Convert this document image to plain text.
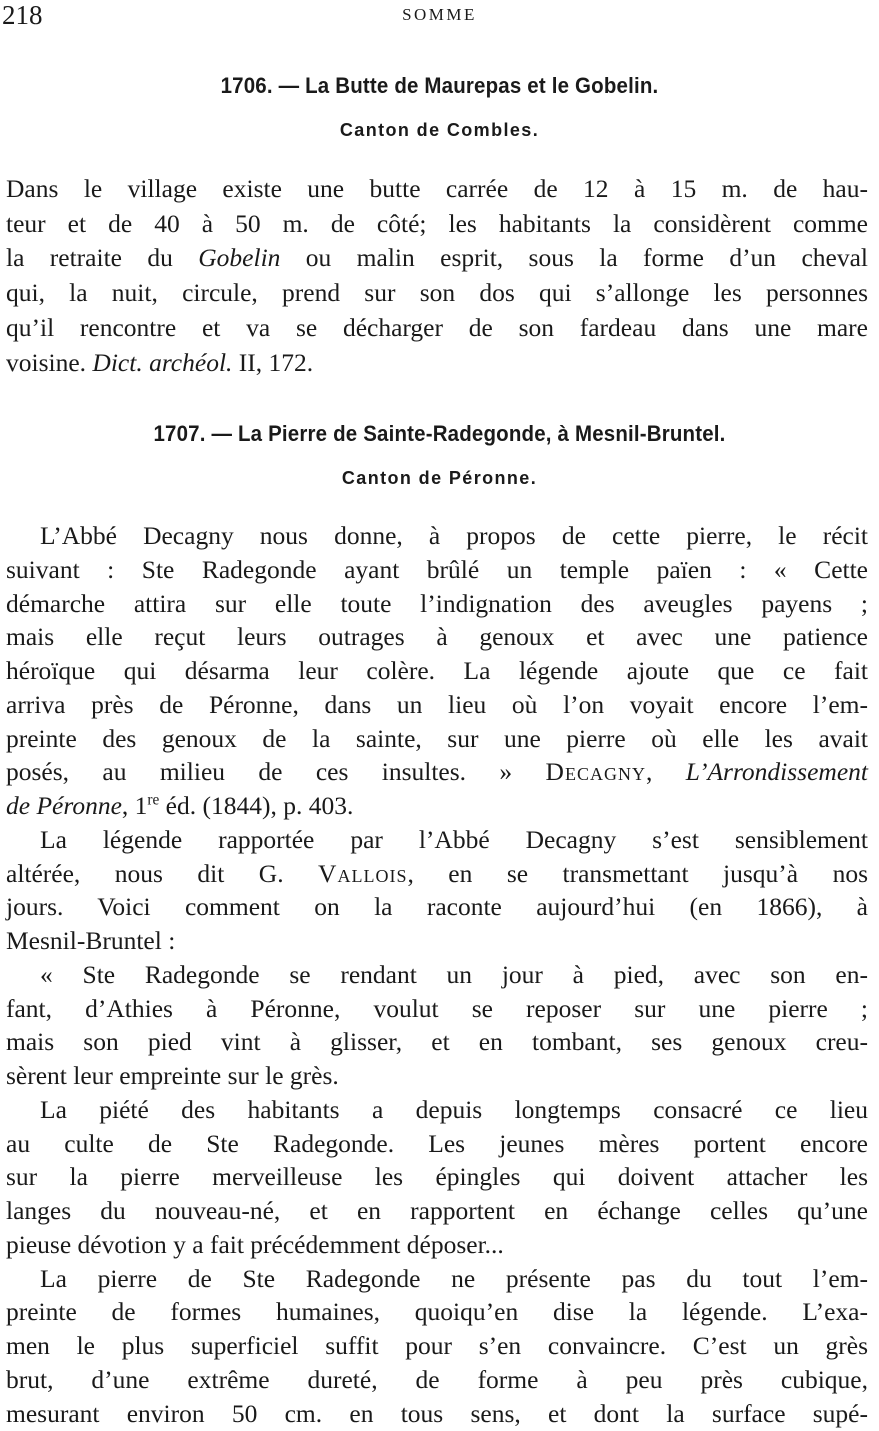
218	SOMME
1706. — La Butte de Maurepas et le Gobelin.
Canton de Combles.
Dans le village existe une butte carrée de 12 à 15 m. de hau-
teur et de 40 à 50 m. de côté; les habitants la considèrent comme
la retraite du Gobelin ou malin esprit, sous la forme d’un cheval
qui, la nuit, circule, prend sur son dos qui s’allonge les personnes
qu’il rencontre et va se décharger de son fardeau dans une mare
voisine. Dict. archéol. II, 172.
1707. — La Pierre de Sainte-Radegonde, à Mesnil-Bruntel.
Canton de Péronne.
L’Abbé Decagny nous donne, à propos de cette pierre, le récit
suivant : Ste Radegonde ayant brûlé un temple païen : « Cette
démarche attira sur elle toute l’indignation des aveugles payens ;
mais elle reçut leurs outrages à genoux et avec une patience
héroïque qui désarma leur colère. La légende ajoute que ce fait
arriva près de Péronne, dans un lieu où l’on voyait encore l’em-
preinte des genoux de la sainte, sur une pierre où elle les avait
posés, au milieu de ces insultes. » Decagny, L’Arrondissement
de Péronne, 1re éd. (1844), p. 403.
La légende rapportée par l’Abbé Decagny s’est sensiblement
altérée, nous dit G. Vallois, en se transmettant jusqu’à nos
jours. Voici comment on la raconte aujourd’hui (en 1866), à
Mesnil-Bruntel :
« Ste Radegonde se rendant un jour à pied, avec son en-
fant, d’Athies à Péronne, voulut se reposer sur une pierre ;
mais son pied vint à glisser, et en tombant, ses genoux creu-
sèrent leur empreinte sur le grès.
La piété des habitants a depuis longtemps consacré ce lieu
au culte de Ste Radegonde. Les jeunes mères portent encore
sur la pierre merveilleuse les épingles qui doivent attacher les
langes du nouveau-né, et en rapportent en échange celles qu’une
pieuse dévotion y a fait précédemment déposer...
La pierre de Ste Radegonde ne présente pas du tout l’em-
preinte de formes humaines, quoiqu’en dise la légende. L’exa-
men le plus superficiel suffit pour s’en convaincre. C’est un grès
brut, d’une extrême dureté, de forme à peu près cubique,
mesurant environ 50 cm. en tous sens, et dont la surface supé-
